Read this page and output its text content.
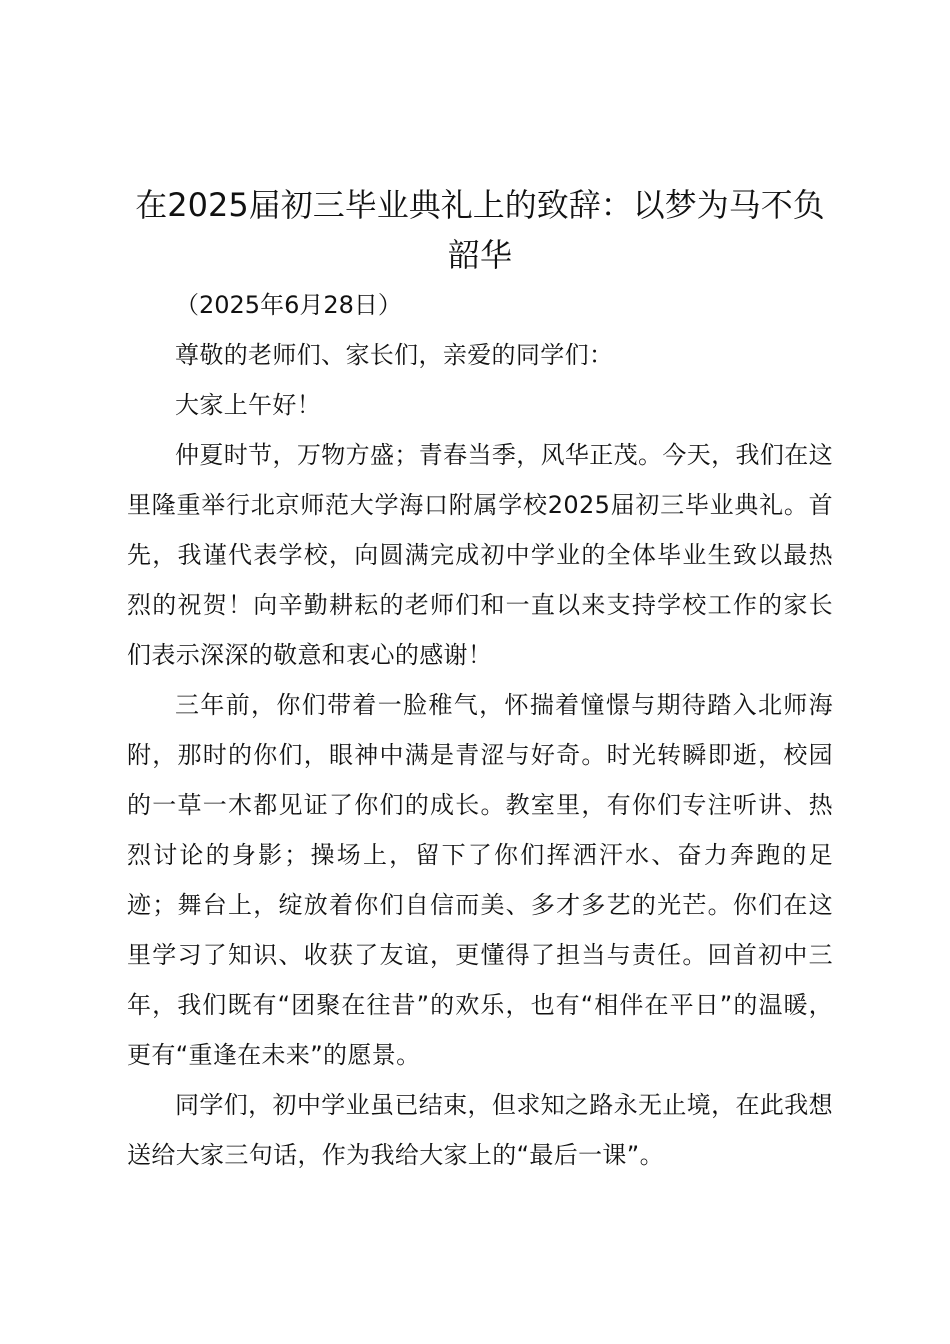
在2025届初三毕业典礼上的致辞：以梦为马不负韶华

（2025年6月28日）

尊敬的老师们、家长们，亲爱的同学们：

大家上午好！

仲夏时节，万物方盛；青春当季，风华正茂。今天，我们在这里隆重举行北京师范大学海口附属学校2025届初三毕业典礼。首先，我谨代表学校，向圆满完成初中学业的全体毕业生致以最热烈的祝贺！向辛勤耕耘的老师们和一直以来支持学校工作的家长们表示深深的敬意和衷心的感谢！

三年前，你们带着一脸稚气，怀揣着憧憬与期待踏入北师海附，那时的你们，眼神中满是青涩与好奇。时光转瞬即逝，校园的一草一木都见证了你们的成长。教室里，有你们专注听讲、热烈讨论的身影；操场上，留下了你们挥洒汗水、奋力奔跑的足迹；舞台上，绽放着你们自信而美、多才多艺的光芒。你们在这里学习了知识、收获了友谊，更懂得了担当与责任。回首初中三年，我们既有“团聚在往昔”的欢乐，也有“相伴在平日”的温暖，更有“重逢在未来”的愿景。

同学们，初中学业虽已结束，但求知之路永无止境，在此我想送给大家三句话，作为我给大家上的“最后一课”。
